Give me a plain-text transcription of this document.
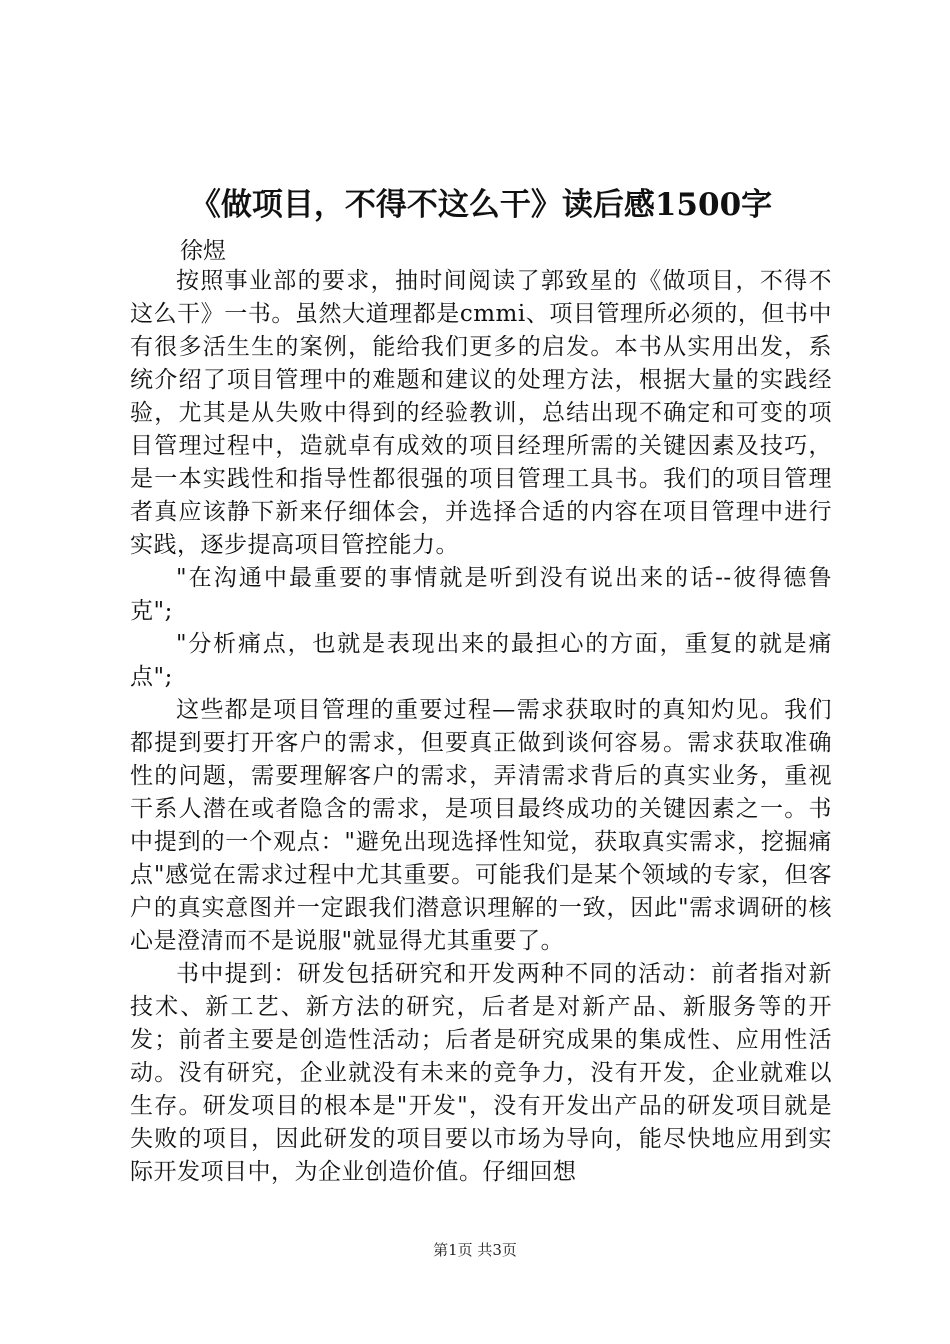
《做项目，不得不这么干》读后感1500字

徐煜

按照事业部的要求，抽时间阅读了郭致星的《做项目，不得不这么干》一书。虽然大道理都是cmmi、项目管理所必须的，但书中有很多活生生的案例，能给我们更多的启发。本书从实用出发，系统介绍了项目管理中的难题和建议的处理方法，根据大量的实践经验，尤其是从失败中得到的经验教训，总结出现不确定和可变的项目管理过程中，造就卓有成效的项目经理所需的关键因素及技巧，是一本实践性和指导性都很强的项目管理工具书。我们的项目管理者真应该静下新来仔细体会，并选择合适的内容在项目管理中进行实践，逐步提高项目管控能力。

"在沟通中最重要的事情就是听到没有说出来的话--彼得德鲁克";

"分析痛点，也就是表现出来的最担心的方面，重复的就是痛点";

这些都是项目管理的重要过程—需求获取时的真知灼见。我们都提到要打开客户的需求，但要真正做到谈何容易。需求获取准确性的问题，需要理解客户的需求，弄清需求背后的真实业务，重视干系人潜在或者隐含的需求，是项目最终成功的关键因素之一。书中提到的一个观点："避免出现选择性知觉，获取真实需求，挖掘痛点"感觉在需求过程中尤其重要。可能我们是某个领域的专家，但客户的真实意图并一定跟我们潜意识理解的一致，因此"需求调研的核心是澄清而不是说服"就显得尤其重要了。

书中提到：研发包括研究和开发两种不同的活动：前者指对新技术、新工艺、新方法的研究，后者是对新产品、新服务等的开发；前者主要是创造性活动；后者是研究成果的集成性、应用性活动。没有研究，企业就没有未来的竞争力，没有开发，企业就难以生存。研发项目的根本是"开发"，没有开发出产品的研发项目就是失败的项目，因此研发的项目要以市场为导向，能尽快地应用到实际开发项目中，为企业创造价值。仔细回想

第1页 共3页
